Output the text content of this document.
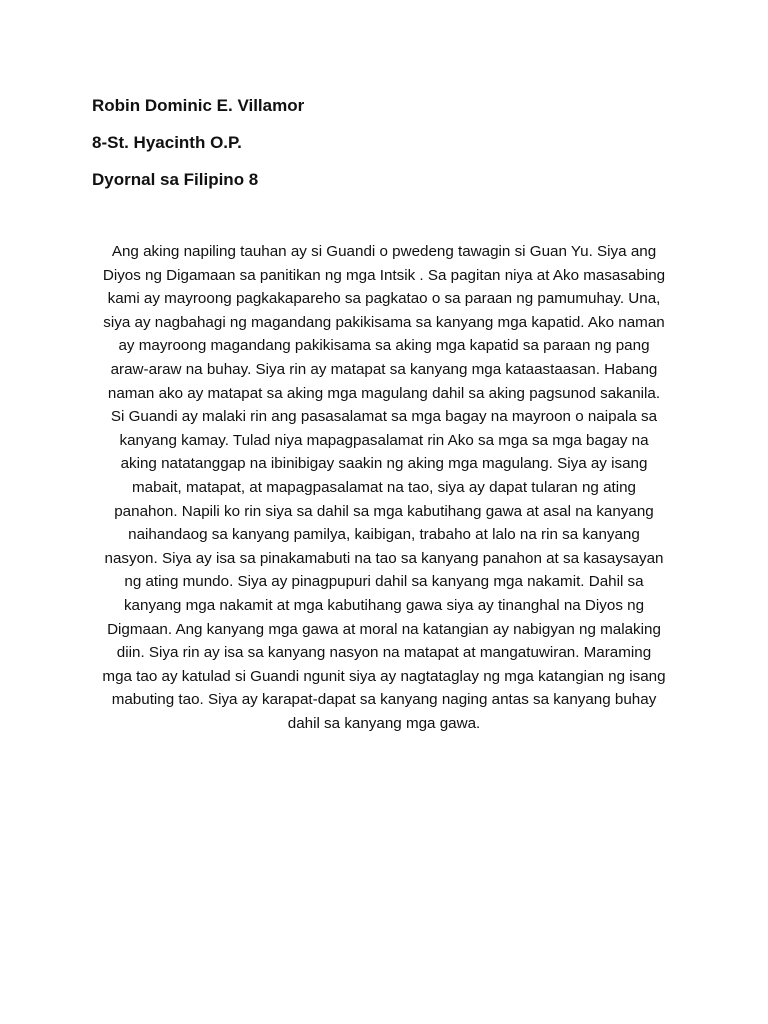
Robin Dominic E. Villamor
8-St. Hyacinth O.P.
Dyornal sa Filipino 8
Ang aking napiling tauhan ay si Guandi o pwedeng tawagin si Guan Yu. Siya ang
Diyos ng Digamaan sa panitikan ng mga Intsik . Sa pagitan niya at Ako masasabing
kami ay mayroong pagkakapareho sa pagkatao o sa paraan ng pamumuhay. Una,
siya ay nagbahagi ng magandang pakikisama sa kanyang mga kapatid. Ako naman
ay mayroong magandang pakikisama sa aking mga kapatid sa paraan ng pang
araw-araw na buhay. Siya rin ay matapat sa kanyang mga kataastaasan. Habang
naman ako ay matapat sa aking mga magulang dahil sa aking pagsunod sakanila.
Si Guandi ay malaki rin ang pasasalamat sa mga bagay na mayroon o naipala sa
kanyang kamay. Tulad niya mapagpasalamat rin Ako sa mga sa mga bagay na
aking natatanggap na ibinibigay saakin ng aking mga magulang. Siya ay isang
mabait, matapat, at mapagpasalamat na tao, siya ay dapat tularan ng ating
panahon. Napili ko rin siya sa dahil sa mga kabutihang gawa at asal na kanyang
naihandaog sa kanyang pamilya, kaibigan, trabaho at lalo na rin sa kanyang
nasyon. Siya ay isa sa pinakamabuti na tao sa kanyang panahon at sa kasaysayan
ng ating mundo. Siya ay pinagpupuri dahil sa kanyang mga nakamit. Dahil sa
kanyang mga nakamit at mga kabutihang gawa siya ay tinanghal na Diyos ng
Digmaan. Ang kanyang mga gawa at moral na katangian ay nabigyan ng malaking
diin. Siya rin ay isa sa kanyang nasyon na matapat at mangatuwiran. Maraming
mga tao ay katulad si Guandi ngunit siya ay nagtataglay ng mga katangian ng isang
mabuting tao. Siya ay karapat-dapat sa kanyang naging antas sa kanyang buhay
dahil sa kanyang mga gawa.
